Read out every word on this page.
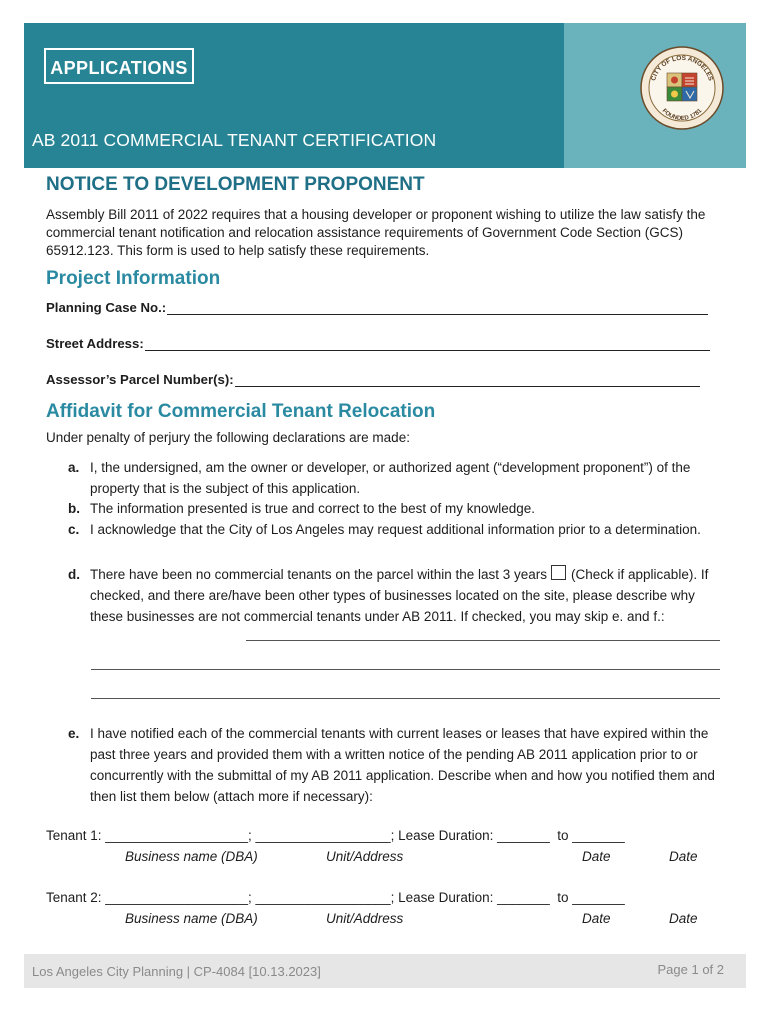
APPLICATIONS
AB 2011 COMMERCIAL TENANT CERTIFICATION
CITY OF LOS ANGELES
FOUNDED 1781
NOTICE TO DEVELOPMENT PROPONENT
Assembly Bill 2011 of 2022 requires that a housing developer or proponent wishing to utilize the law satisfy the commercial tenant notification and relocation assistance requirements of Government Code Section (GCS) 65912.123. This form is used to help satisfy these requirements.
Project Information
Planning Case No.:
Street Address:
Assessor’s Parcel Number(s):
Affidavit for Commercial Tenant Relocation
Under penalty of perjury the following declarations are made:
a. I, the undersigned, am the owner or developer, or authorized agent (“development proponent”) of the property that is the subject of this application.
b. The information presented is true and correct to the best of my knowledge.
c. I acknowledge that the City of Los Angeles may request additional information prior to a determination.
d. There have been no commercial tenants on the parcel within the last 3 years (Check if applicable). If checked, and there are/have been other types of businesses located on the site, please describe why these businesses are not commercial tenants under AB 2011. If checked, you may skip e. and f.:
e. I have notified each of the commercial tenants with current leases or leases that have expired within the past three years and provided them with a written notice of the pending AB 2011 application prior to or concurrently with the submittal of my AB 2011 application. Describe when and how you notified them and then list them below (attach more if necessary):
Tenant 1: ___________________; __________________; Lease Duration: _______  to _______
Business name (DBA)	Unit/Address	Date	Date
Tenant 2: ___________________; __________________; Lease Duration: _______  to _______
Business name (DBA)	Unit/Address	Date	Date
Los Angeles City Planning | CP-4084 [10.13.2023]	Page 1 of 2
